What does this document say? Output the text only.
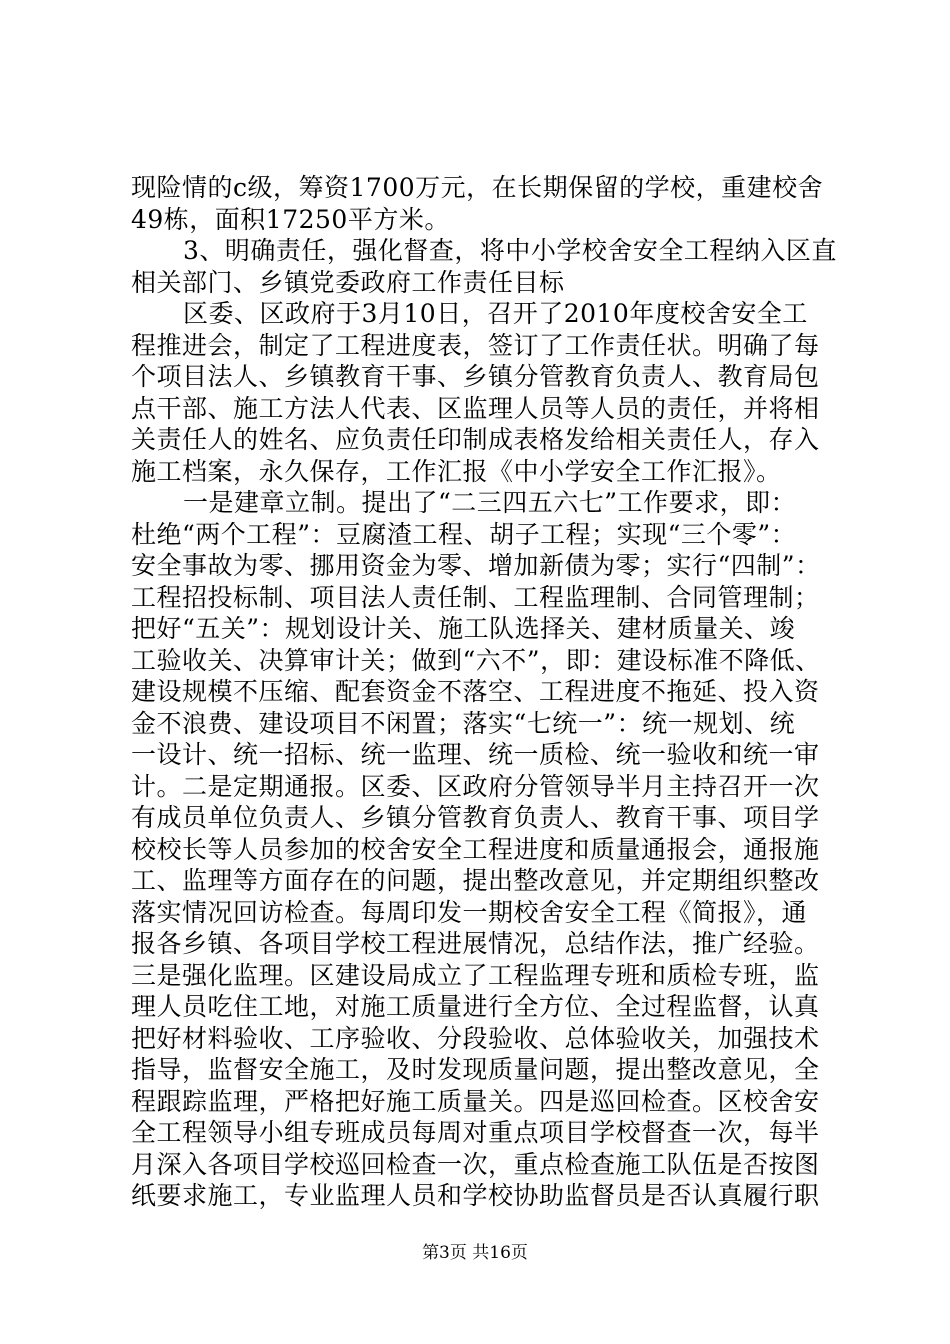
现险情的c级，筹资1700万元，在长期保留的学校，重建校舍
49栋，面积17250平方米。
3、明确责任，强化督查，将中小学校舍安全工程纳入区直
相关部门、乡镇党委政府工作责任目标
区委、区政府于3月10日，召开了2010年度校舍安全工
程推进会，制定了工程进度表，签订了工作责任状。明确了每
个项目法人、乡镇教育干事、乡镇分管教育负责人、教育局包
点干部、施工方法人代表、区监理人员等人员的责任，并将相
关责任人的姓名、应负责任印制成表格发给相关责任人，存入
施工档案，永久保存，工作汇报《中小学安全工作汇报》。
一是建章立制。提出了“二三四五六七”工作要求，即：
杜绝“两个工程”：豆腐渣工程、胡子工程；实现“三个零”：
安全事故为零、挪用资金为零、增加新债为零；实行“四制”：
工程招投标制、项目法人责任制、工程监理制、合同管理制；
把好“五关”：规划设计关、施工队选择关、建材质量关、竣
工验收关、决算审计关；做到“六不”，即：建设标准不降低、
建设规模不压缩、配套资金不落空、工程进度不拖延、投入资
金不浪费、建设项目不闲置；落实“七统一”：统一规划、统
一设计、统一招标、统一监理、统一质检、统一验收和统一审
计。二是定期通报。区委、区政府分管领导半月主持召开一次
有成员单位负责人、乡镇分管教育负责人、教育干事、项目学
校校长等人员参加的校舍安全工程进度和质量通报会，通报施
工、监理等方面存在的问题，提出整改意见，并定期组织整改
落实情况回访检查。每周印发一期校舍安全工程《简报》，通
报各乡镇、各项目学校工程进展情况，总结作法，推广经验。
三是强化监理。区建设局成立了工程监理专班和质检专班，监
理人员吃住工地，对施工质量进行全方位、全过程监督，认真
把好材料验收、工序验收、分段验收、总体验收关，加强技术
指导，监督安全施工，及时发现质量问题，提出整改意见，全
程跟踪监理，严格把好施工质量关。四是巡回检查。区校舍安
全工程领导小组专班成员每周对重点项目学校督查一次，每半
月深入各项目学校巡回检查一次，重点检查施工队伍是否按图
纸要求施工，专业监理人员和学校协助监督员是否认真履行职
第3页 共16页
